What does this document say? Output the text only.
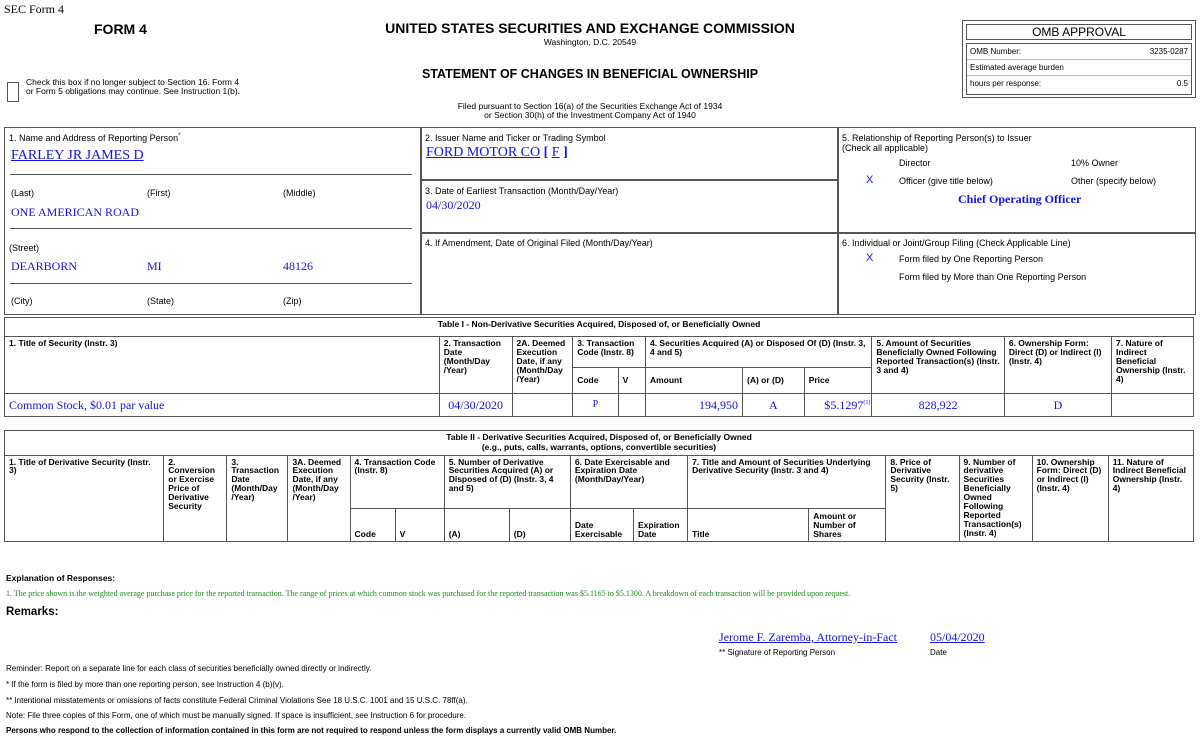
SEC Form 4
FORM 4
Check this box if no longer subject to Section 16. Form 4 or Form 5 obligations may continue. See Instruction 1(b).
UNITED STATES SECURITIES AND EXCHANGE COMMISSION
Washington, D.C. 20549
STATEMENT OF CHANGES IN BENEFICIAL OWNERSHIP
Filed pursuant to Section 16(a) of the Securities Exchange Act of 1934
or Section 30(h) of the Investment Company Act of 1940
OMB APPROVAL
OMB Number:	3235-0287
Estimated average burden
hours per response:	0.5
1. Name and Address of Reporting Person*
FARLEY JR JAMES D
(Last)	(First)	(Middle)
ONE AMERICAN ROAD
(Street)
DEARBORN	MI	48126
(City)	(State)	(Zip)
2. Issuer Name and Ticker or Trading Symbol
FORD MOTOR CO [ F ]
3. Date of Earliest Transaction (Month/Day/Year)
04/30/2020
4. If Amendment, Date of Original Filed (Month/Day/Year)
5. Relationship of Reporting Person(s) to Issuer
(Check all applicable)
Director	10% Owner
X	Officer (give title below)	Other (specify below)
Chief Operating Officer
6. Individual or Joint/Group Filing (Check Applicable Line)
X	Form filed by One Reporting Person
Form filed by More than One Reporting Person
Table I - Non-Derivative Securities Acquired, Disposed of, or Beneficially Owned										
1. Title of Security (Instr. 3)	2. Transaction Date (Month/Day /Year)	2A. Deemed Execution Date, if any (Month/Day /Year)	3. Transaction Code (Instr. 8)		4. Securities Acquired (A) or Disposed Of (D) (Instr. 3, 4 and 5)			5. Amount of Securities Beneficially Owned Following Reported Transaction(s) (Instr. 3 and 4)	6. Ownership Form: Direct (D) or Indirect (I) (Instr. 4)	7. Nature of Indirect Beneficial Ownership (Instr. 4)
			Code	V	Amount	(A) or (D)	Price			
Common Stock, $0.01 par value	04/30/2020		P		194,950	A	$5.1297$^{(1)}$	828,922	D	
Table II - Derivative Securities Acquired, Disposed of, or Beneficially Owned
(e.g., puts, calls, warrants, options, convertible securities)															

1. Title of Derivative Security (Instr. 3)	2. Conversion or Exercise Price of Derivative Security	3. Transaction Date (Month/Day /Year)	3A. Deemed Execution Date, if any (Month/Day /Year)	4. Transaction Code (Instr. 8)		5. Number of Derivative Securities Acquired (A) or Disposed of (D) (Instr. 3, 4 and 5)		6. Date Exercisable and Expiration Date (Month/Day/Year)		7. Title and Amount of Securities Underlying Derivative Security (Instr. 3 and 4)		8. Price of Derivative Security (Instr. 5)	9. Number of derivative Securities Beneficially Owned Following Reported Transaction(s) (Instr. 4)	10. Ownership Form: Direct (D) or Indirect (I) (Instr. 4)	11. Nature of Indirect Beneficial Ownership (Instr. 4)
				Code	V	(A)	(D)	Date Exercisable	Expiration Date	Title	Amount or Number of Shares				
Explanation of Responses:
1. The price shown is the weighted average purchase price for the reported transaction. The range of prices at which common stock was purchased for the reported transaction was $5.1165 to $5.1300. A breakdown of each transaction will be provided upon request.
Remarks:
Jerome F. Zaremba, Attorney-in-Fact	05/04/2020
** Signature of Reporting Person	Date
Reminder: Report on a separate line for each class of securities beneficially owned directly or indirectly.
* If the form is filed by more than one reporting person, see Instruction 4 (b)(v).
** Intentional misstatements or omissions of facts constitute Federal Criminal Violations See 18 U.S.C. 1001 and 15 U.S.C. 78ff(a).
Note: File three copies of this Form, one of which must be manually signed. If space is insufficient, see Instruction 6 for procedure.
Persons who respond to the collection of information contained in this form are not required to respond unless the form displays a currently valid OMB Number.
